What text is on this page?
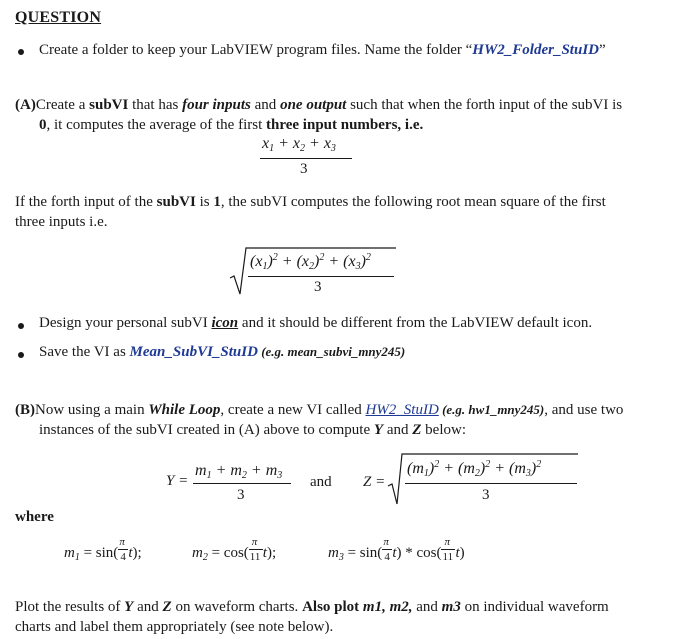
QUESTION
Create a folder to keep your LabVIEW program files. Name the folder “HW2_Folder_StuID”
(A)Create a subVI that has four inputs and one output such that when the forth input of the subVI is
0, it computes the average of the first three input numbers, i.e.
$x_1 + x_2 + x_3$
3
If the forth input of the subVI is 1, the subVI computes the following root mean square of the first
three inputs i.e.
$(x_1)^2 + (x_2)^2 + (x_3)^2$
3
Design your personal subVI icon and it should be different from the LabVIEW default icon.
Save the VI as Mean_SubVI_StuID (e.g. mean_subvi_mny245)
(B)Now using a main While Loop, create a new VI called HW2_StuID (e.g. hw1_mny245), and use two
instances of the subVI created in (A) above to compute Y and Z below:
Y =
$m_1 + m_2 + m_3$
3
and Z =
$(m_1)^2 + (m_2)^2 + (m_3)^2$
3
where
$m_1 = \sin( \frac{\pi}{4} t)$;	$m_2 = \cos( \frac{\pi}{11} t)$;	$m_3 = \sin( \frac{\pi}{4} t) * \cos( \frac{\pi}{11} t)$
Plot the results of Y and Z on waveform charts. Also plot m1, m2, and m3 on individual waveform
charts and label them appropriately (see note below).
